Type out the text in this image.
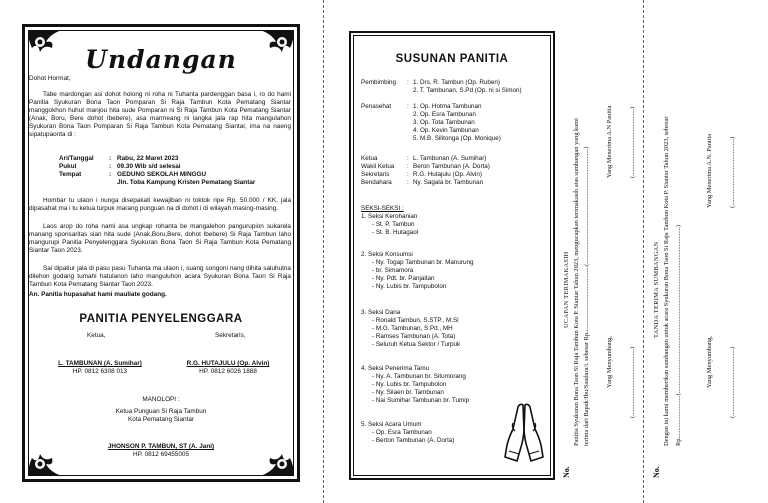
Undangan
Dohot Hormat,
Tabe mardongan asi dohot holong ni roha ni Tuhanta pardenggan basa i, ro do hami Panitia Syukuran Bona Taon Pomparan Si Raja Tambun Kota Pematang Siantar manggokhon huhut manjou hita sude Pomparan ni Si Raja Tambun Kota Pematang Siantar (Anak, Boru, Bere dohot Ibebere), asa marmeang ni langka jala rap hita mangulahon Syukuran Bona Taon Pomparan Si Raja Tambun Kota Pematang Siantar, ima na naeng sipatupaonta di :
Ari/Tanggal : Rabu, 22 Maret 2023
Pukul	: 09.30 Wib s/d selesai
Tempat	: GEDUNG SEKOLAH MINGGU
Jln. Toba Kampung Kristen Pematang Siantar
Hombar tu ulaon i nunga disepakati kewajiban ni toktok ripe Rp. 50.000 / KK, jala dipasahat ma i tu ketua turpuk marang punguan na di dohot i di wilayah masing-masing.
Laos arop do roha nami asa ungkap rohanta be mangalehon pangurupion sukarela manang sponsaritas sian hita sude (Anak,Boru,Bere, dohot Ibebere) Si Raja Tambun laho mangurupi Panitia Penyelenggara Syukuran Bona Taon Si Raja Tambun Kota Pematang Siantar Taon 2023.
Sai dipatiur jala di pasu pasu Tuhanta ma ulaon i, suang songoni nang dihita saluhutna dilehon godang tumahi hatulanon laho manguluhon acara Syukuran Bona Taon Si Raja Tambun Kota Pematang Siantar Taon 2023.
An. Panitia hupasahat hami mauliate godang.
PANITIA PENYELENGGARA
Ketua,	Sekretaris,
L. TAMBUNAN (A. Sumihar)
HP. 0812 6308 013
R.G. HUTAJULU (Op. Alvin)
HP. 0812 6026 1888
MANOLOPI :
Ketua Punguan Si Raja Tambun
Kota Pematang Siantar
JHONSON P. TAMBUN, ST (A. Jani)
HP. 0812 69455005
SUSUNAN PANITIA
Pembimbing : 1. Drs. R. Tambun (Op. Ruben)
2. T. Tambunan, S.Pd (Op. ni si Simon)
Penasehat	: 1. Op. Hotma Tambunan
2. Op. Esra Tambunan
3. Op. Tota Tambunan
4. Op. Kevin Tambunan
5. M.B. Silitonga (Op. Monique)
Ketua	: L. Tambunan (A. Sumihar)
Wakil Ketua : Beron Tambunan (A. Dorta)
Sekretaris	: R.G. Hutajulu (Op. Alvin)
Bendahara : Ny. Sagala br. Tambunan
SEKSI-SEKSI :
1. Seksi Kerohanian
- St. P. Tambun
- St. B. Hutagaol
2. Seksi Konsumsi
- Ny. Togap Tambunan br. Manurung
- br. Simamora
- Ny. Pdt. br. Panjaitan
- Ny. Lubis br. Tampubolon
3. Seksi Dana
- Ronald Tambun, S.STP., M.Si
- M.G. Tambunan, S.Pd., MH
- Ramses Tambunan (A. Tota)
- Seluruh Ketua Sektor / Turpuk
4. Seksi Penerima Tamu
- Ny. A. Tambunan br. Situmorang
- Ny. Lubis br. Tampubolon
- Ny. Silaen br. Tambunan
- Nai Sumihar Tambunan br. Tumip
5. Seksi Acara Umum
- Op. Esra Tambunan
- Berton Tambunan (A. Dorta)
No.
UCAPAN TERIMAKASIH Panitia Syukuran Bona Taon Si Raja Tambun Kota P. Siantar Tahun 2023, mengucapkan terimakasih atas sumbangan yang kami terima dari Bapak/Ibu/Saudara/i. sebesar Rp..........................................(........................................................................)	Yang Menyumbang,
Yang Menerima A.N Panitia
(..........................................)
(..........................................)
No.
TANDA TERIMA SUMBANGAN Dengan ini kami memberikan sumbangan untuk acara Syukuran Bona Taon Si Raja Tambun Kota P. Siantar Tahun 2023, sebesar Rp...........................(........................................................................................................)	Yang Menyumbang,
Yang Menerima A.N. Panitia
(..........................................)
(..........................................)
